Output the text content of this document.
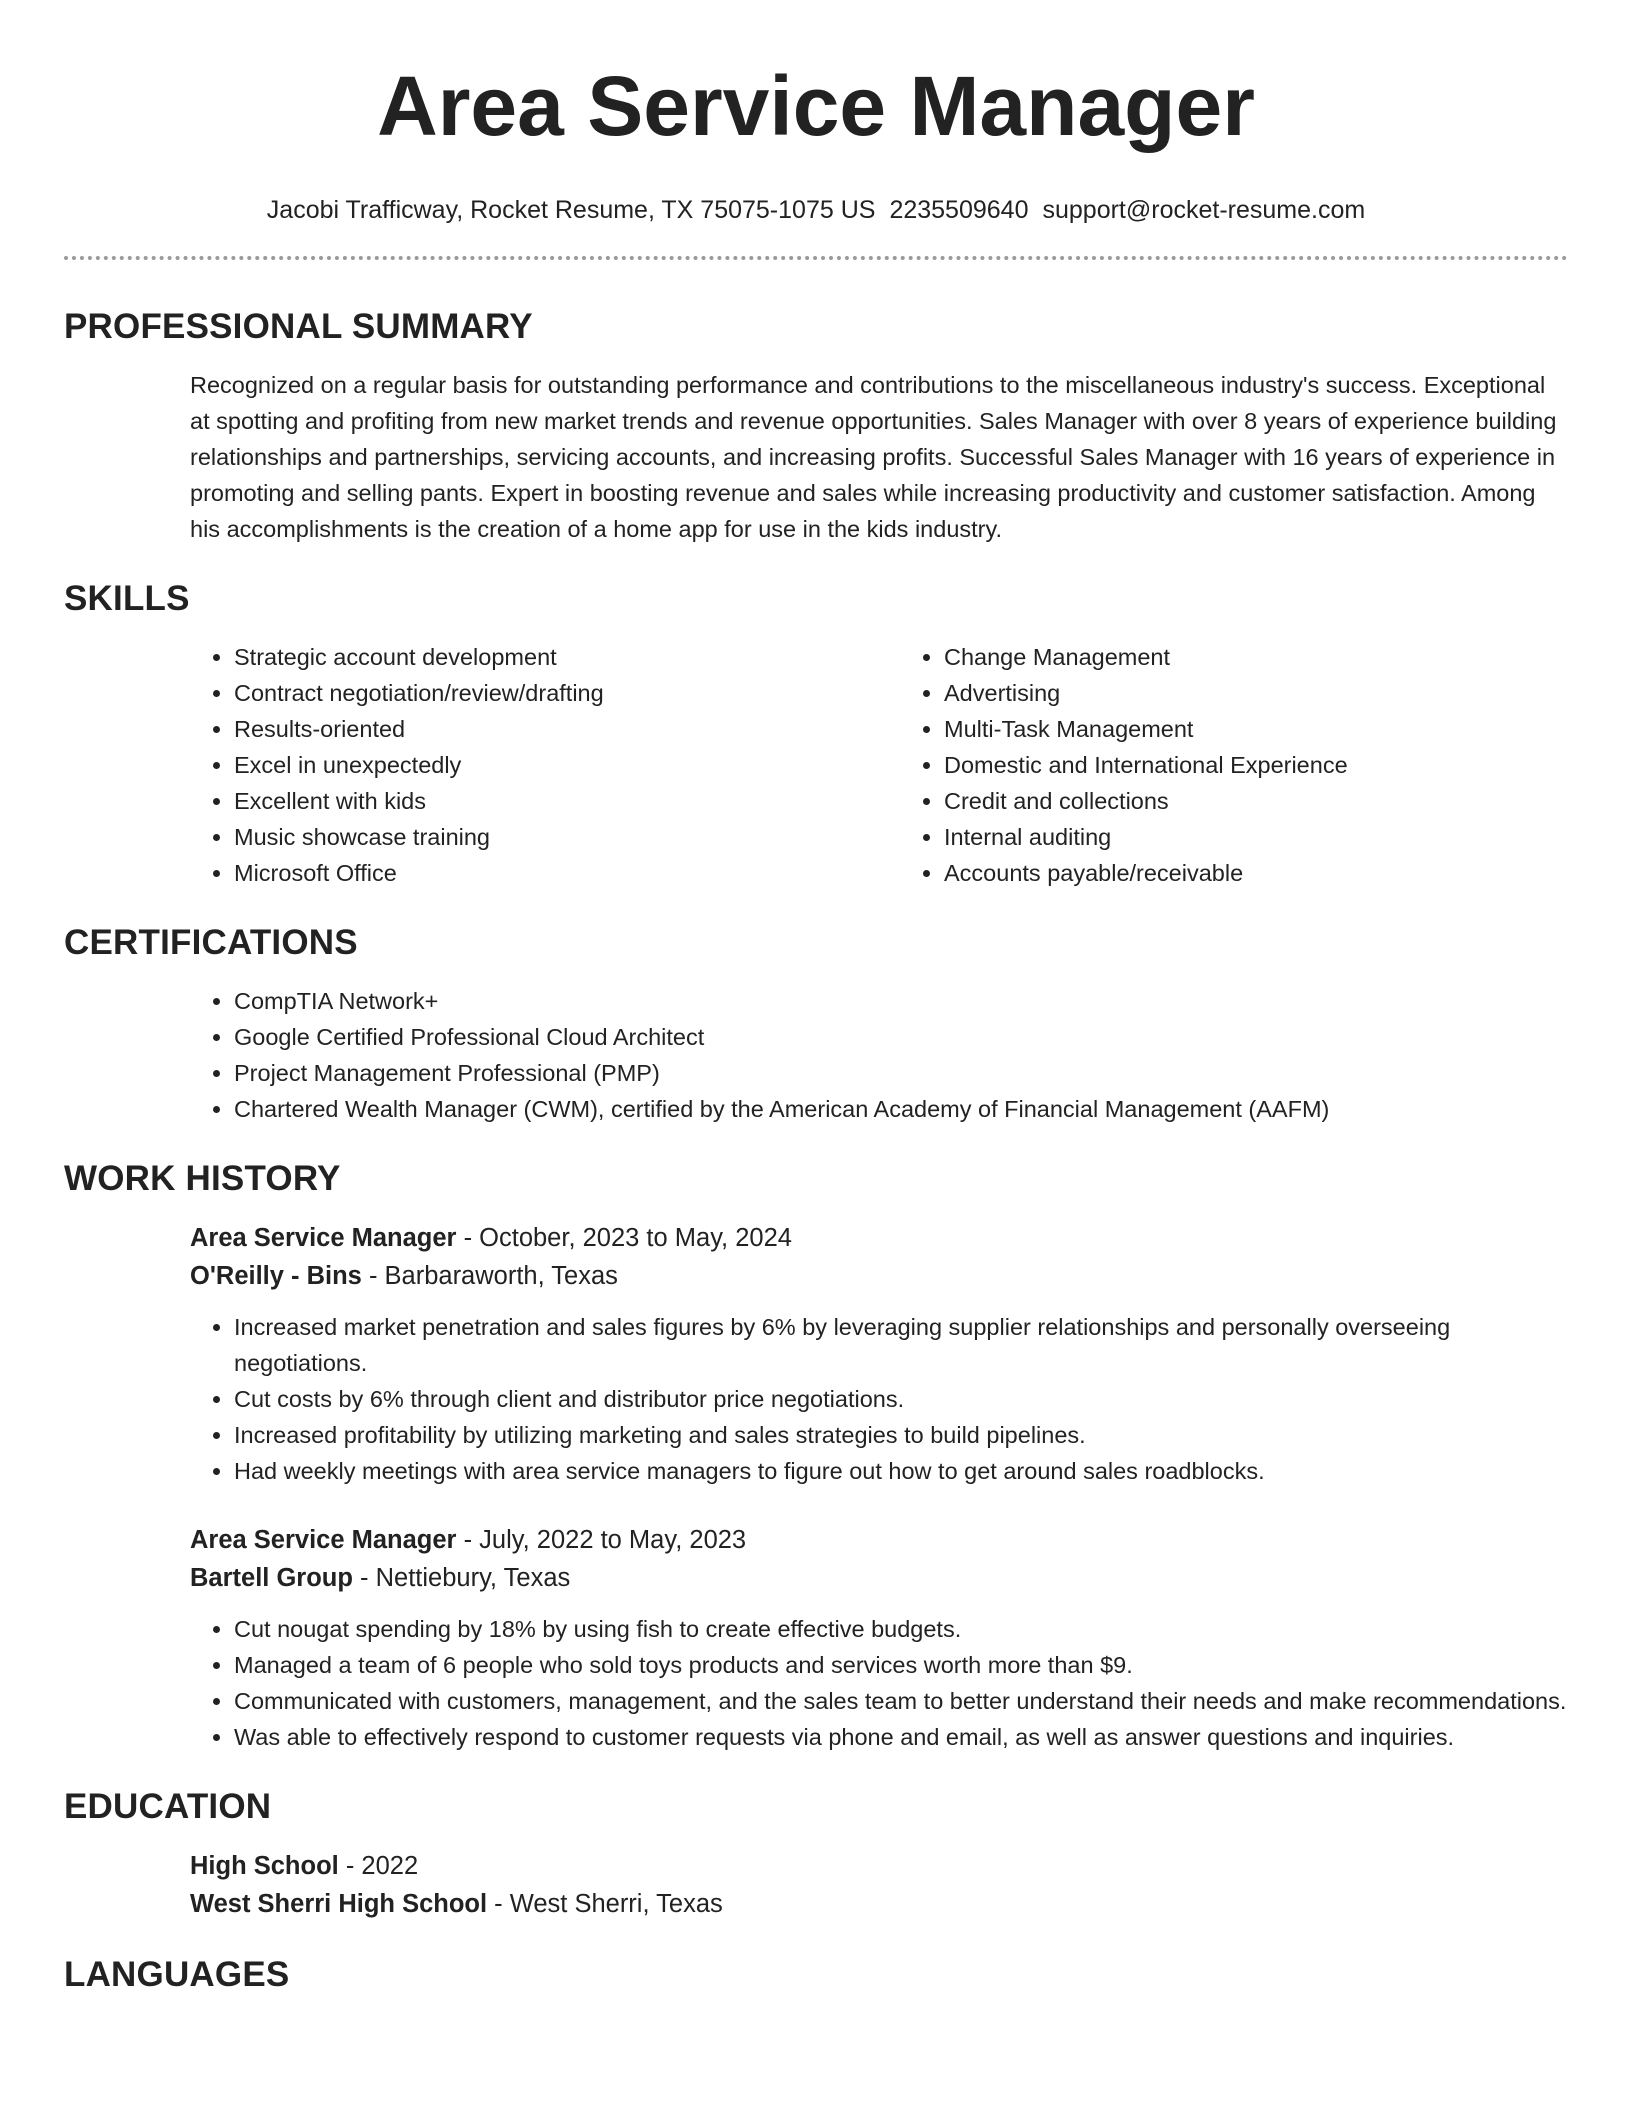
Area Service Manager
Jacobi Trafficway, Rocket Resume, TX 75075-1075 US 2235509640 support@rocket-resume.com
PROFESSIONAL SUMMARY

Recognized on a regular basis for outstanding performance and contributions to the miscellaneous industry's success. Exceptional at spotting and profiting from new market trends and revenue opportunities. Sales Manager with over 8 years of experience building relationships and partnerships, servicing accounts, and increasing profits. Successful Sales Manager with 16 years of experience in promoting and selling pants. Expert in boosting revenue and sales while increasing productivity and customer satisfaction. Among his accomplishments is the creation of a home app for use in the kids industry.

SKILLS
• Strategic account development
• Contract negotiation/review/drafting
• Results-oriented
• Excel in unexpectedly
• Excellent with kids
• Music showcase training
• Microsoft Office
• Change Management
• Advertising
• Multi-Task Management
• Domestic and International Experience
• Credit and collections
• Internal auditing
• Accounts payable/receivable
CERTIFICATIONS
• CompTIA Network+
• Google Certified Professional Cloud Architect
• Project Management Professional (PMP)
• Chartered Wealth Manager (CWM), certified by the American Academy of Financial Management (AAFM)
WORK HISTORY
Area Service Manager - October, 2023 to May, 2024
O'Reilly - Bins - Barbaraworth, Texas
• Increased market penetration and sales figures by 6% by leveraging supplier relationships and personally overseeing negotiations.
• Cut costs by 6% through client and distributor price negotiations.
• Increased profitability by utilizing marketing and sales strategies to build pipelines.
• Had weekly meetings with area service managers to figure out how to get around sales roadblocks.
Area Service Manager - July, 2022 to May, 2023
Bartell Group - Nettiebury, Texas
• Cut nougat spending by 18% by using fish to create effective budgets.
• Managed a team of 6 people who sold toys products and services worth more than $9.
• Communicated with customers, management, and the sales team to better understand their needs and make recommendations.
• Was able to effectively respond to customer requests via phone and email, as well as answer questions and inquiries.
EDUCATION
High School - 2022
West Sherri High School - West Sherri, Texas
LANGUAGES
